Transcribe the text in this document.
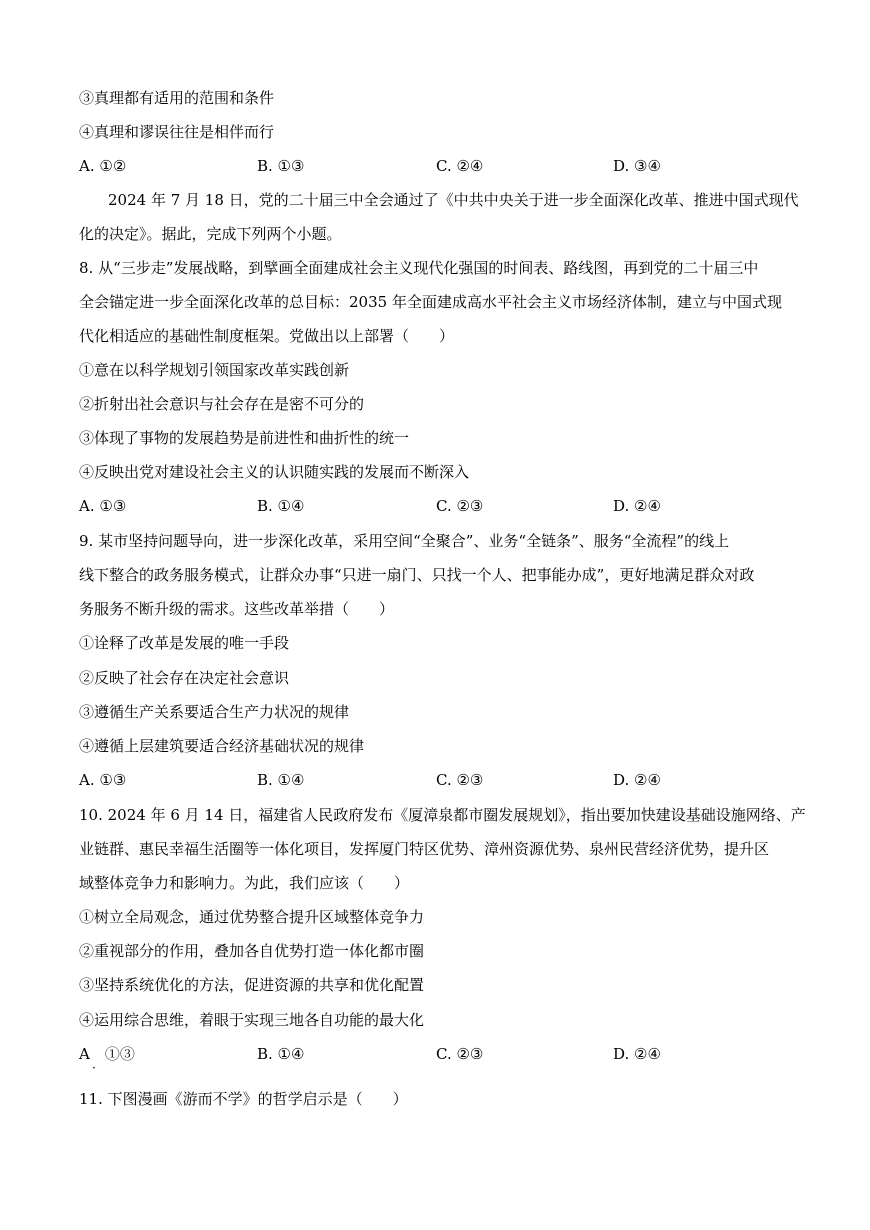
③真理都有适用的范围和条件
④真理和谬误往往是相伴而行
A. ①②	B. ①③	C. ②④	D. ③④
2024 年 7 月 18 日，党的二十届三中全会通过了《中共中央关于进一步全面深化改革、推进中国式现代
化的决定》。据此，完成下列两个小题。
8. 从“三步走”发展战略，到擘画全面建成社会主义现代化强国的时间表、路线图，再到党的二十届三中
全会锚定进一步全面深化改革的总目标：2035 年全面建成高水平社会主义市场经济体制，建立与中国式现
代化相适应的基础性制度框架。党做出以上部署（　　）
①意在以科学规划引领国家改革实践创新
②折射出社会意识与社会存在是密不可分的
③体现了事物的发展趋势是前进性和曲折性的统一
④反映出党对建设社会主义的认识随实践的发展而不断深入
A. ①③	B. ①④	C. ②③	D. ②④
9. 某市坚持问题导向，进一步深化改革，采用空间“全聚合”、业务“全链条”、服务“全流程”的线上
线下整合的政务服务模式，让群众办事“只进一扇门、只找一个人、把事能办成”，更好地满足群众对政
务服务不断升级的需求。这些改革举措（　　）
①诠释了改革是发展的唯一手段
②反映了社会存在决定社会意识
③遵循生产关系要适合生产力状况的规律
④遵循上层建筑要适合经济基础状况的规律
A. ①③	B. ①④	C. ②③	D. ②④
10. 2024 年 6 月 14 日，福建省人民政府发布《厦漳泉都市圈发展规划》，指出要加快建设基础设施网络、产
业链群、惠民幸福生活圈等一体化项目，发挥厦门特区优势、漳州资源优势、泉州民营经济优势，提升区
域整体竞争力和影响力。为此，我们应该（　　）
①树立全局观念，通过优势整合提升区域整体竞争力
②重视部分的作用，叠加各自优势打造一体化都市圈
③坚持系统优化的方法，促进资源的共享和优化配置
④运用综合思维，着眼于实现三地各自功能的最大化
A　①③	B. ①④	C. ②③	D. ②④
·
11. 下图漫画《游而不学》的哲学启示是（　　）
